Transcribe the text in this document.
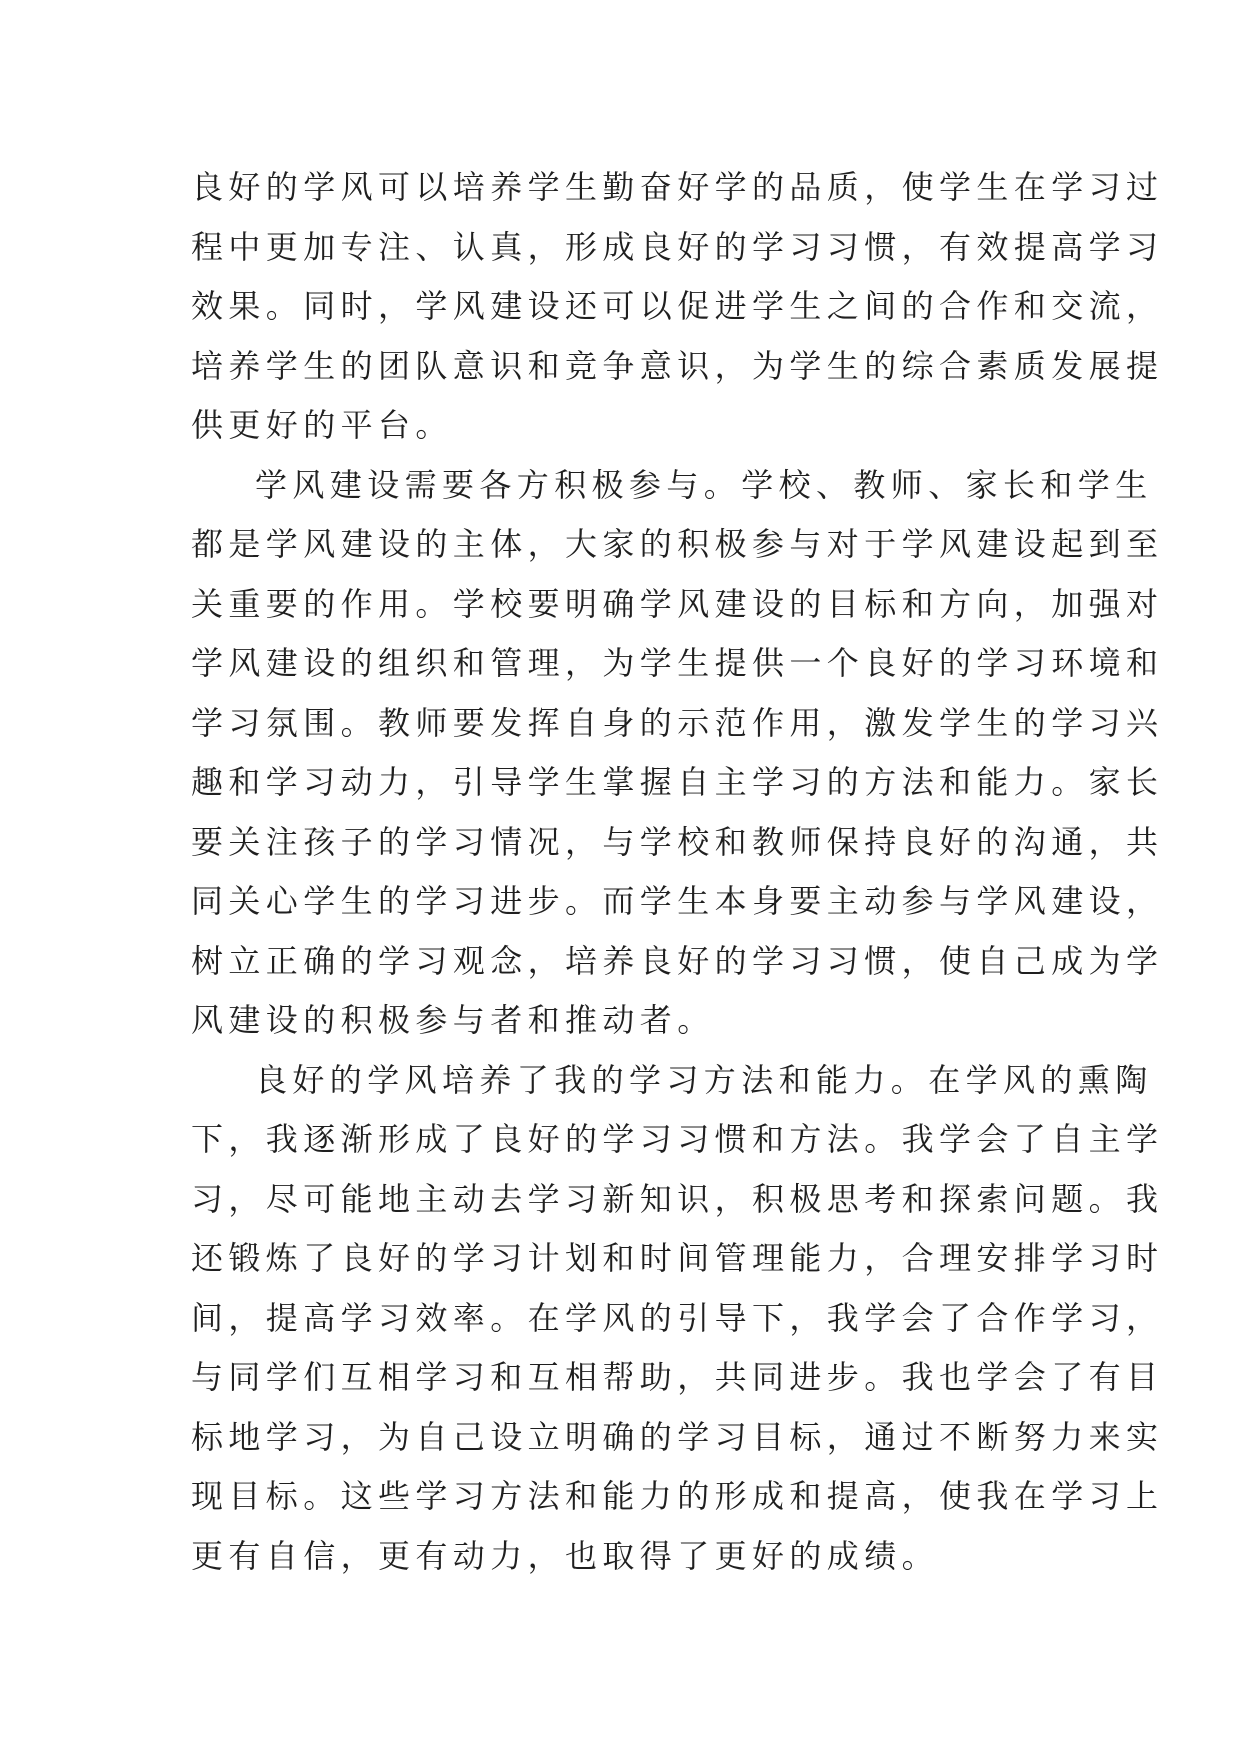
良好的学风可以培养学生勤奋好学的品质，使学生在学习过
程中更加专注、认真，形成良好的学习习惯，有效提高学习
效果。同时，学风建设还可以促进学生之间的合作和交流，
培养学生的团队意识和竞争意识，为学生的综合素质发展提
供更好的平台。
学风建设需要各方积极参与。学校、教师、家长和学生
都是学风建设的主体，大家的积极参与对于学风建设起到至
关重要的作用。学校要明确学风建设的目标和方向，加强对
学风建设的组织和管理，为学生提供一个良好的学习环境和
学习氛围。教师要发挥自身的示范作用，激发学生的学习兴
趣和学习动力，引导学生掌握自主学习的方法和能力。家长
要关注孩子的学习情况，与学校和教师保持良好的沟通，共
同关心学生的学习进步。而学生本身要主动参与学风建设，
树立正确的学习观念，培养良好的学习习惯，使自己成为学
风建设的积极参与者和推动者。
良好的学风培养了我的学习方法和能力。在学风的熏陶
下，我逐渐形成了良好的学习习惯和方法。我学会了自主学
习，尽可能地主动去学习新知识，积极思考和探索问题。我
还锻炼了良好的学习计划和时间管理能力，合理安排学习时
间，提高学习效率。在学风的引导下，我学会了合作学习，
与同学们互相学习和互相帮助，共同进步。我也学会了有目
标地学习，为自己设立明确的学习目标，通过不断努力来实
现目标。这些学习方法和能力的形成和提高，使我在学习上
更有自信，更有动力，也取得了更好的成绩。
